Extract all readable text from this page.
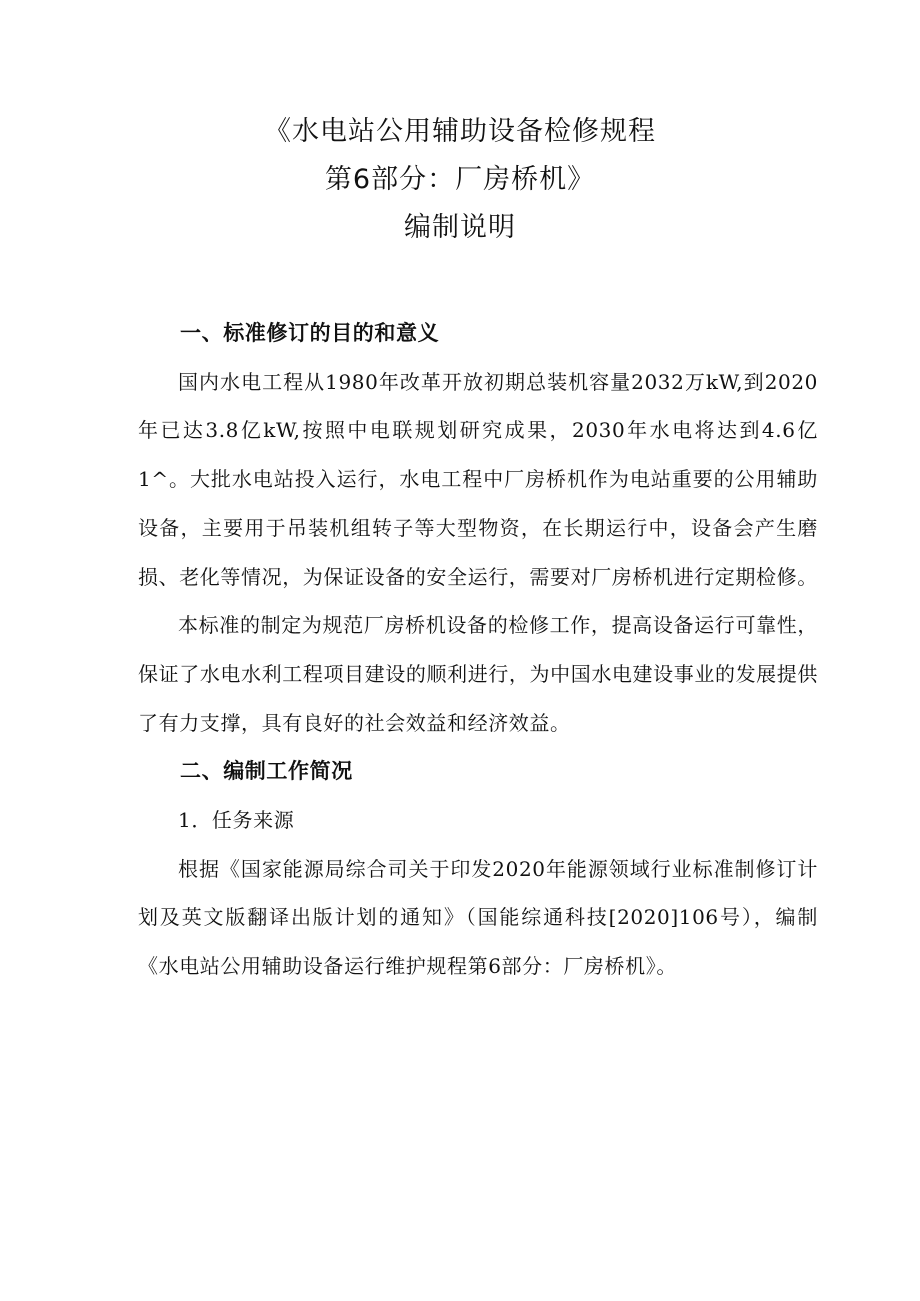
《水电站公用辅助设备检修规程
第6部分：厂房桥机》
编制说明
一、标准修订的目的和意义

国内水电工程从1980年改革开放初期总装机容量2032万kW,到2020年已达3.8亿kW,按照中电联规划研究成果，2030年水电将达到4.6亿1^。大批水电站投入运行，水电工程中厂房桥机作为电站重要的公用辅助设备，主要用于吊装机组转子等大型物资，在长期运行中，设备会产生磨损、老化等情况，为保证设备的安全运行，需要对厂房桥机进行定期检修。

本标准的制定为规范厂房桥机设备的检修工作，提高设备运行可靠性，保证了水电水利工程项目建设的顺利进行，为中国水电建设事业的发展提供了有力支撑，具有良好的社会效益和经济效益。

二、编制工作简况
1．任务来源

根据《国家能源局综合司关于印发2020年能源领域行业标准制修订计划及英文版翻译出版计划的通知》（国能综通科技[2020]106号），编制《水电站公用辅助设备运行维护规程第6部分：厂房桥机》。
